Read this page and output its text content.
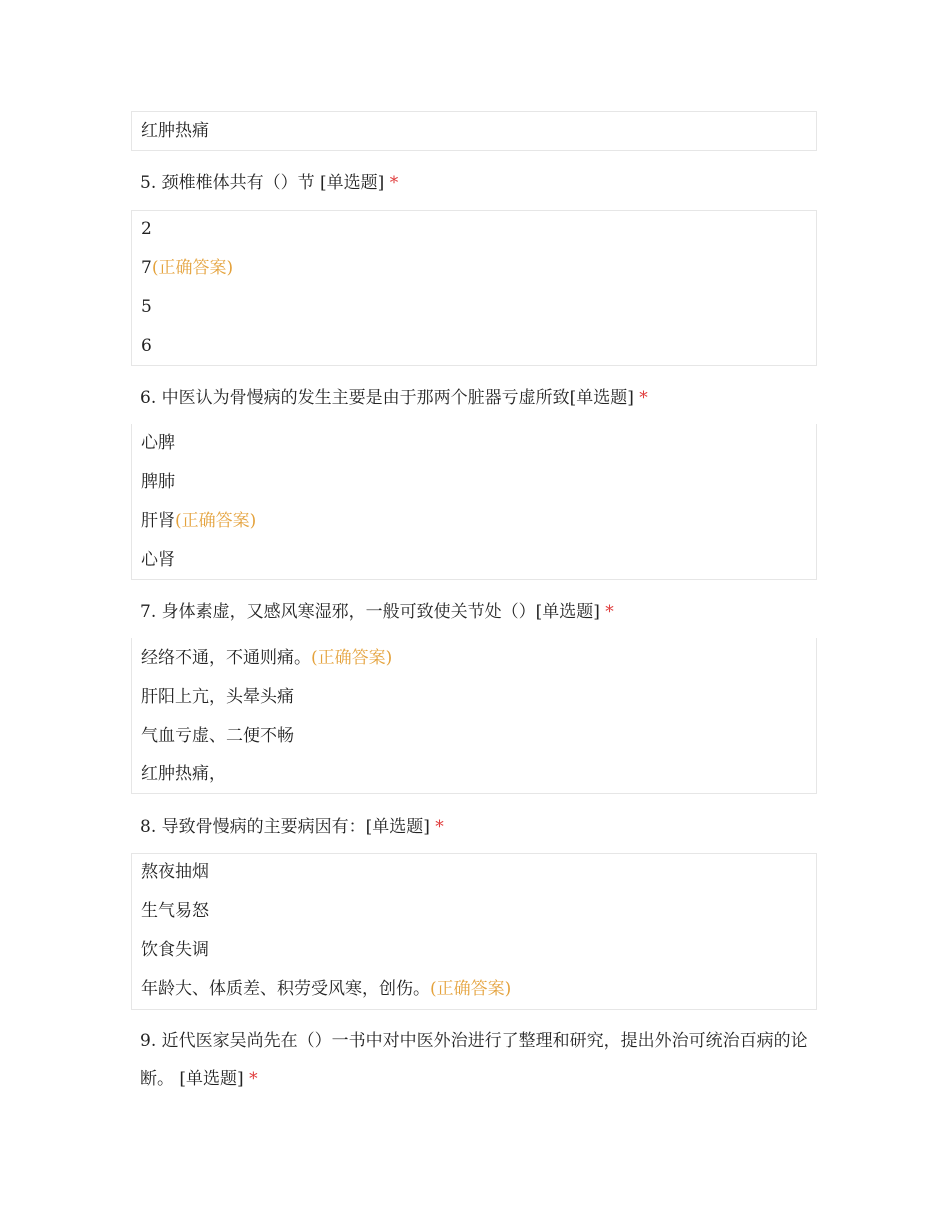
红肿热痛
5. 颈椎椎体共有（）节 [单选题] *
2
7(正确答案)
5
6
6. 中医认为骨慢病的发生主要是由于那两个脏器亏虚所致[单选题] *
心脾
脾肺
肝肾(正确答案)
心肾
7. 身体素虚，又感风寒湿邪，一般可致使关节处（）[单选题] *
经络不通，不通则痛。(正确答案)
肝阳上亢，头晕头痛
气血亏虚、二便不畅
红肿热痛，
8. 导致骨慢病的主要病因有：[单选题] *
熬夜抽烟
生气易怒
饮食失调
年龄大、体质差、积劳受风寒，创伤。(正确答案)
9. 近代医家吴尚先在（）一书中对中医外治进行了整理和研究，提出外治可统治百病的论断。 [单选题] *
